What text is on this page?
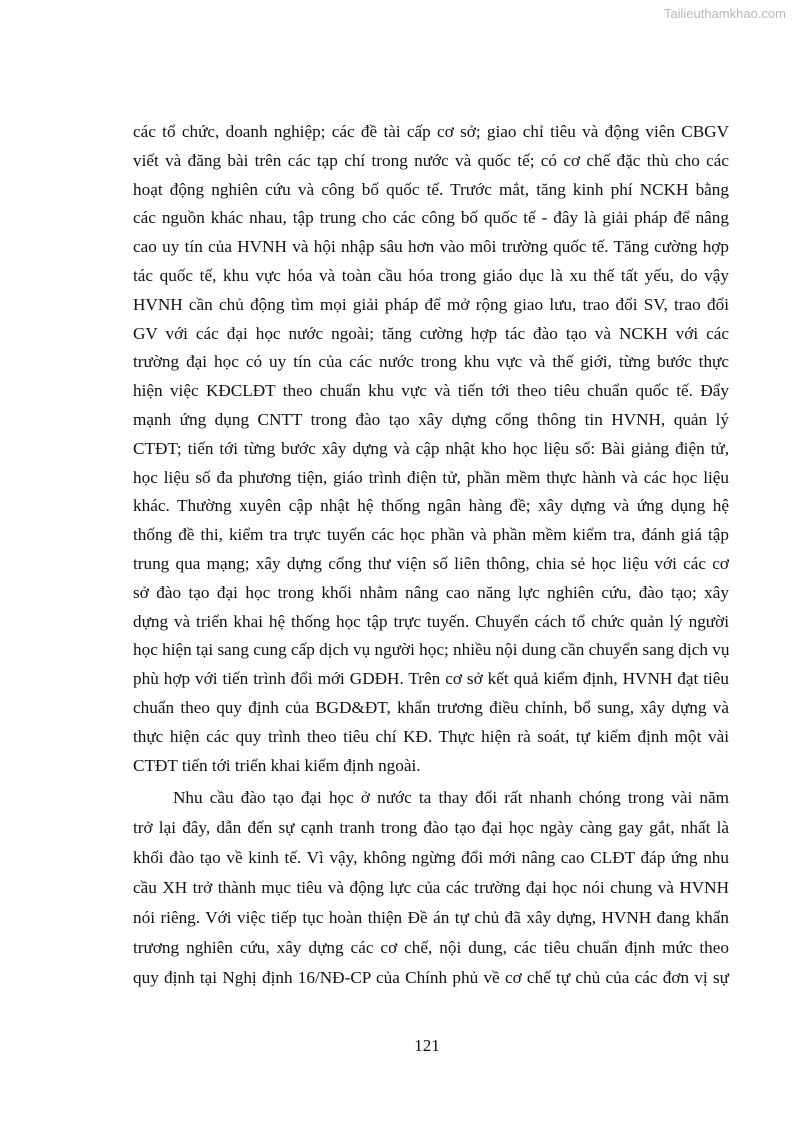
Tailieuthamkhao.com
các tổ chức, doanh nghiệp; các đề tài cấp cơ sở; giao chỉ tiêu và động viên CBGV
viết và đăng bài trên các tạp chí trong nước và quốc tế; có cơ chế đặc thù cho các
hoạt động nghiên cứu và công bố quốc tế. Trước mắt, tăng kinh phí NCKH bằng
các nguồn khác nhau, tập trung cho các công bố quốc tế - đây là giải pháp để nâng
cao uy tín của HVNH và hội nhập sâu hơn vào môi trường quốc tế. Tăng cường hợp
tác quốc tế, khu vực hóa và toàn cầu hóa trong giáo dục là xu thế tất yếu, do vậy
HVNH cần chủ động tìm mọi giải pháp để mở rộng giao lưu, trao đổi SV, trao đổi
GV với các đại học nước ngoài; tăng cường hợp tác đào tạo và NCKH với các
trường đại học có uy tín của các nước trong khu vực và thế giới, từng bước thực
hiện việc KĐCLĐT theo chuẩn khu vực và tiến tới theo tiêu chuẩn quốc tế. Đẩy
mạnh ứng dụng CNTT trong đào tạo xây dựng cổng thông tin HVNH, quản lý
CTĐT; tiến tới từng bước xây dựng và cập nhật kho học liệu số: Bài giảng điện tử,
học liệu số đa phương tiện, giáo trình điện tử, phần mềm thực hành và các học liệu
khác. Thường xuyên cập nhật hệ thống ngân hàng đề; xây dựng và ứng dụng hệ
thống đề thi, kiểm tra trực tuyến các học phần và phần mềm kiểm tra, đánh giá tập
trung qua mạng; xây dựng cổng thư viện số liên thông, chia sẻ học liệu với các cơ
sở đào tạo đại học trong khối nhằm nâng cao năng lực nghiên cứu, đào tạo; xây
dựng và triển khai hệ thống học tập trực tuyến. Chuyển cách tổ chức quản lý người
học hiện tại sang cung cấp dịch vụ người học; nhiều nội dung cần chuyển sang dịch vụ
phù hợp với tiến trình đổi mới GDĐH. Trên cơ sở kết quả kiểm định, HVNH đạt tiêu
chuẩn theo quy định của BGD&ĐT, khẩn trương điều chỉnh, bổ sung, xây dựng và
thực hiện các quy trình theo tiêu chí KĐ. Thực hiện rà soát, tự kiểm định một vài
CTĐT tiến tới triển khai kiểm định ngoài.
Nhu cầu đào tạo đại học ở nước ta thay đổi rất nhanh chóng trong vài năm
trở lại đây, dẫn đến sự cạnh tranh trong đào tạo đại học ngày càng gay gắt, nhất là
khối đào tạo về kinh tế. Vì vậy, không ngừng đổi mới nâng cao CLĐT đáp ứng nhu
cầu XH trở thành mục tiêu và động lực của các trường đại học nói chung và HVNH
nói riêng. Với việc tiếp tục hoàn thiện Đề án tự chủ đã xây dựng, HVNH đang khẩn
trương nghiên cứu, xây dựng các cơ chế, nội dung, các tiêu chuẩn định mức theo
quy định tại Nghị định 16/NĐ-CP của Chính phủ về cơ chế tự chủ của các đơn vị sự
121
